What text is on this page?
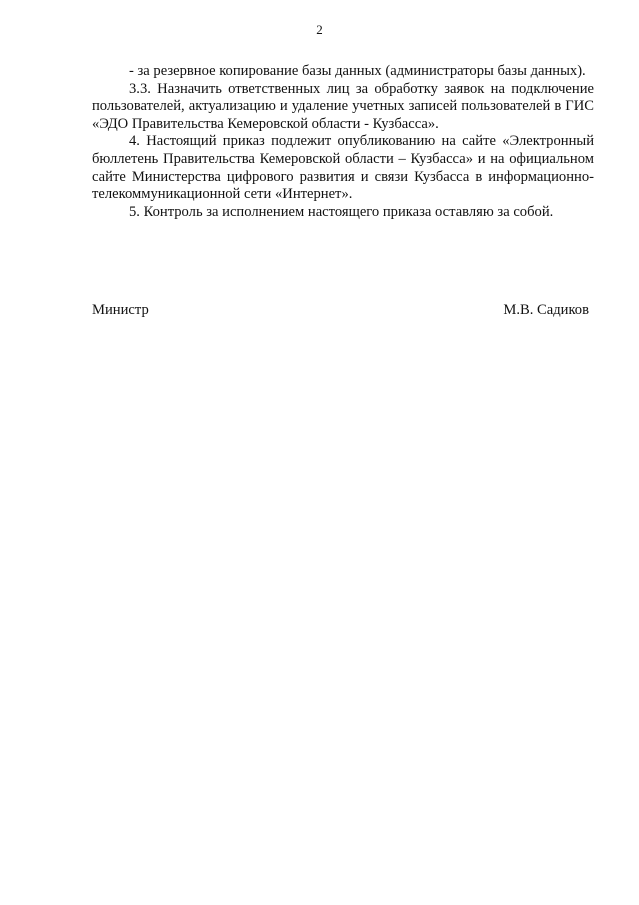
2

- за резервное копирование базы данных (администраторы базы данных).

3.3. Назначить ответственных лиц за обработку заявок на подключение пользователей, актуализацию и удаление учетных записей пользователей в ГИС «ЭДО Правительства Кемеровской области - Кузбасса».

4. Настоящий приказ подлежит опубликованию на сайте «Электронный бюллетень Правительства Кемеровской области – Кузбасса» и на официальном сайте Министерства цифрового развития и связи Кузбасса в информационно-телекоммуникационной сети «Интернет».

5. Контроль за исполнением настоящего приказа оставляю за собой.

Министр	М.В. Садиков
